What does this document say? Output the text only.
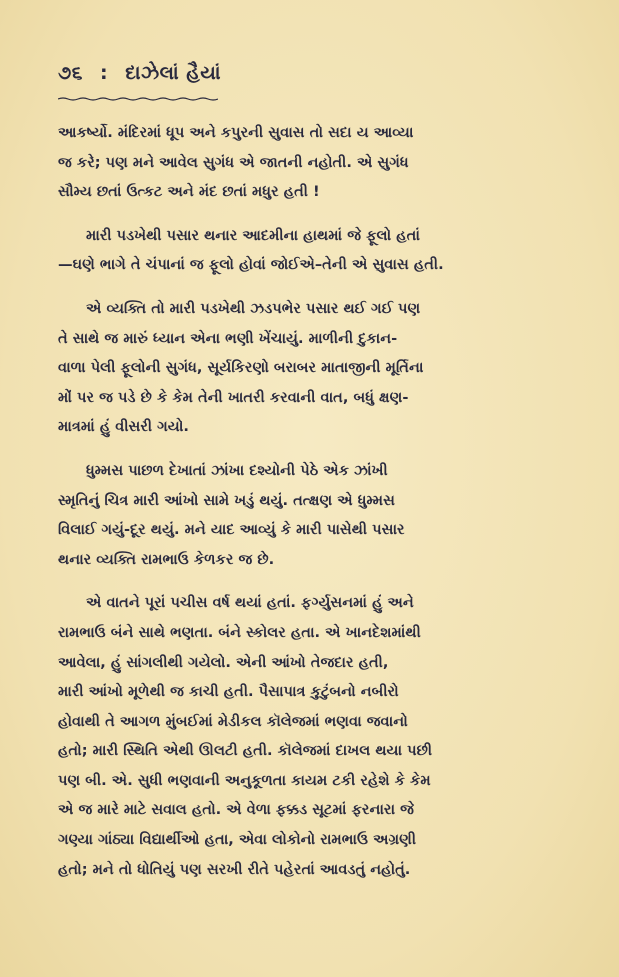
૭૬ : દાઝેલાં હૈયાં

આકર્ષ્યો. મંદિરમાં ધૂપ અને કપુરની સુવાસ તો સદા ય આવ્યા
જ કરે; પણ મને આવેલ સુગંધ એ જાતની નહોતી. એ સુગંધ
સૌમ્ય છતાં ઉત્કટ અને મંદ છતાં મધુર હતી !

મારી પડખેથી પસાર થનાર આદમીના હાથમાં જે ફૂલો હતાં
—ઘણે ભાગે તે ચંપાનાં જ ફૂલો હોવાં જોઈએ–તેની એ સુવાસ હતી.

એ વ્યક્તિ તો મારી પડખેથી ઝડપભેર પસાર થઈ ગઈ પણ
તે સાથે જ મારું ધ્યાન એના ભણી ખેંચાયું. માળીની દુકાન-
વાળા પેલી ફૂલોની સુગંધ, સૂર્યકિરણો બરાબર માતાજીની મૂર્તિના
મોં પર જ પડે છે કે કેમ તેની ખાતરી કરવાની વાત, બધું ક્ષણ-
માત્રમાં હું વીસરી ગયો.

ધુમ્મસ પાછળ દેખાતાં ઝાંખા દશ્યોની પેઠે એક ઝાંખી
સ્મૃતિનું ચિત્ર મારી આંખો સામે ખડું થયું. તત્ક્ષણ એ ધુમ્મસ
વિલાઈ ગયું-દૂર થયું. મને યાદ આવ્યું કે મારી પાસેથી પસાર
થનાર વ્યક્તિ રામભાઉ કેળકર જ છે.

એ વાતને પૂરાં પચીસ વર્ષ થયાં હતાં. ફર્ગ્યુસનમાં હું અને
રામભાઉ બંને સાથે ભણતા. બંને સ્કોલર હતા. એ ખાનદેશમાંથી
આવેલા, હું સાંગલીથી ગયેલો. એની આંખો તેજદાર હતી,
મારી આંખો મૂળેથી જ કાચી હતી. પૈસાપાત્ર કુટુંબનો નબીરો
હોવાથી તે આગળ મુંબઈમાં મેડીકલ કૉલેજમાં ભણવા જવાનો
હતો; મારી સ્થિતિ એથી ઊલટી હતી. કૉલેજમાં દાખલ થયા પછી
પણ બી. એ. સુધી ભણવાની અનુકૂળતા કાયમ ટકી રહેશે કે કેમ
એ જ મારે માટે સવાલ હતો. એ વેળા ફક્કડ સૂટમાં ફરનારા જે
ગણ્યા ગાંઠ્યા વિદ્યાર્થીઓ હતા, એવા લોકોનો રામભાઉ અગ્રણી
હતો; મને તો ધોતિયું પણ સરખી રીતે પહેરતાં આવડતું નહોતું.
